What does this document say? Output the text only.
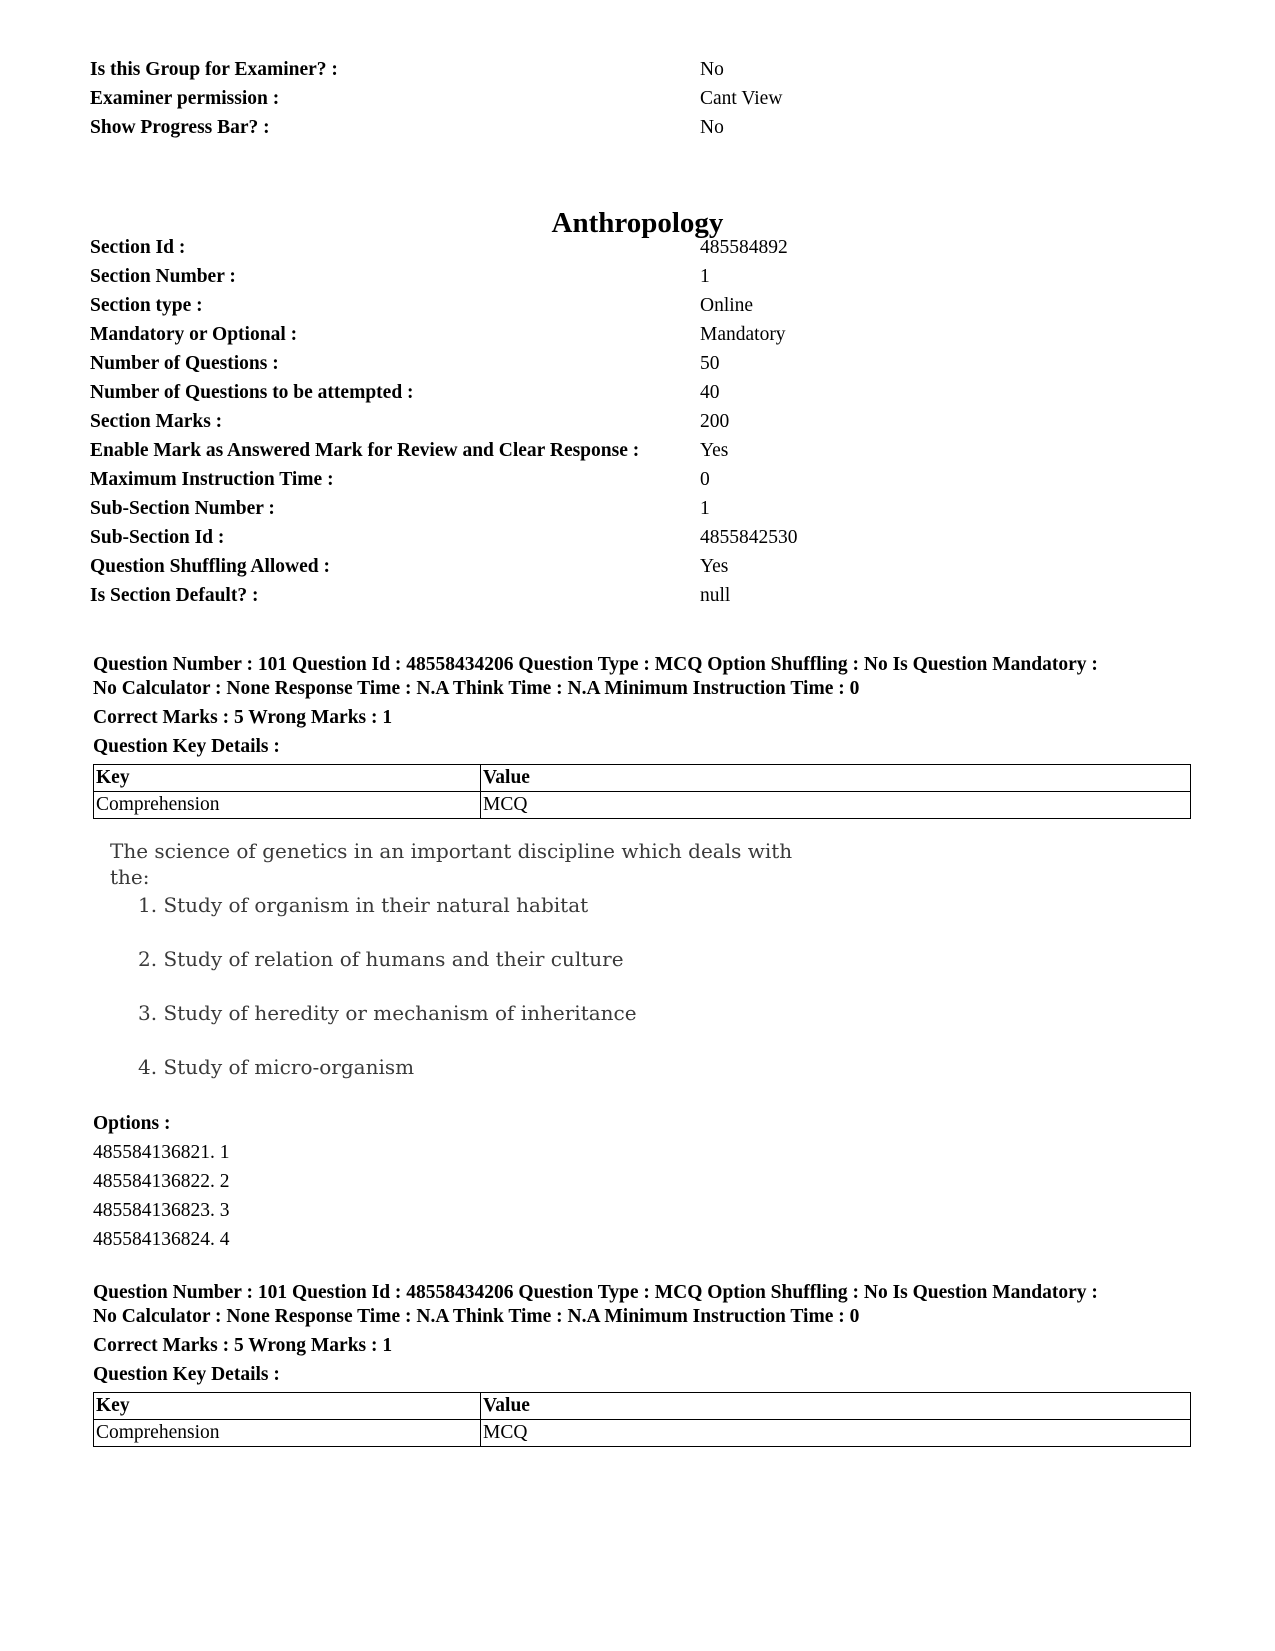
Is this Group for Examiner? :	No
Examiner permission :	Cant View
Show Progress Bar? :	No
Anthropology
Section Id :	485584892
Section Number :	1
Section type :	Online
Mandatory or Optional :	Mandatory
Number of Questions :	50
Number of Questions to be attempted :	40
Section Marks :	200
Enable Mark as Answered Mark for Review and Clear Response :	Yes
Maximum Instruction Time :	0
Sub-Section Number :	1
Sub-Section Id :	4855842530
Question Shuffling Allowed :	Yes
Is Section Default? :	null
Question Number : 101 Question Id : 48558434206 Question Type : MCQ Option Shuffling : No Is Question Mandatory :
No Calculator : None Response Time : N.A Think Time : N.A Minimum Instruction Time : 0
Correct Marks : 5 Wrong Marks : 1
Question Key Details :
Key	Value
Comprehension	MCQ
The science of genetics in an important discipline which deals with the:
1. Study of organism in their natural habitat
2. Study of relation of humans and their culture
3. Study of heredity or mechanism of inheritance
4. Study of micro-organism
Options :
485584136821. 1
485584136822. 2
485584136823. 3
485584136824. 4
Question Number : 101 Question Id : 48558434206 Question Type : MCQ Option Shuffling : No Is Question Mandatory :
No Calculator : None Response Time : N.A Think Time : N.A Minimum Instruction Time : 0
Correct Marks : 5 Wrong Marks : 1
Question Key Details :
Key	Value
Comprehension	MCQ
